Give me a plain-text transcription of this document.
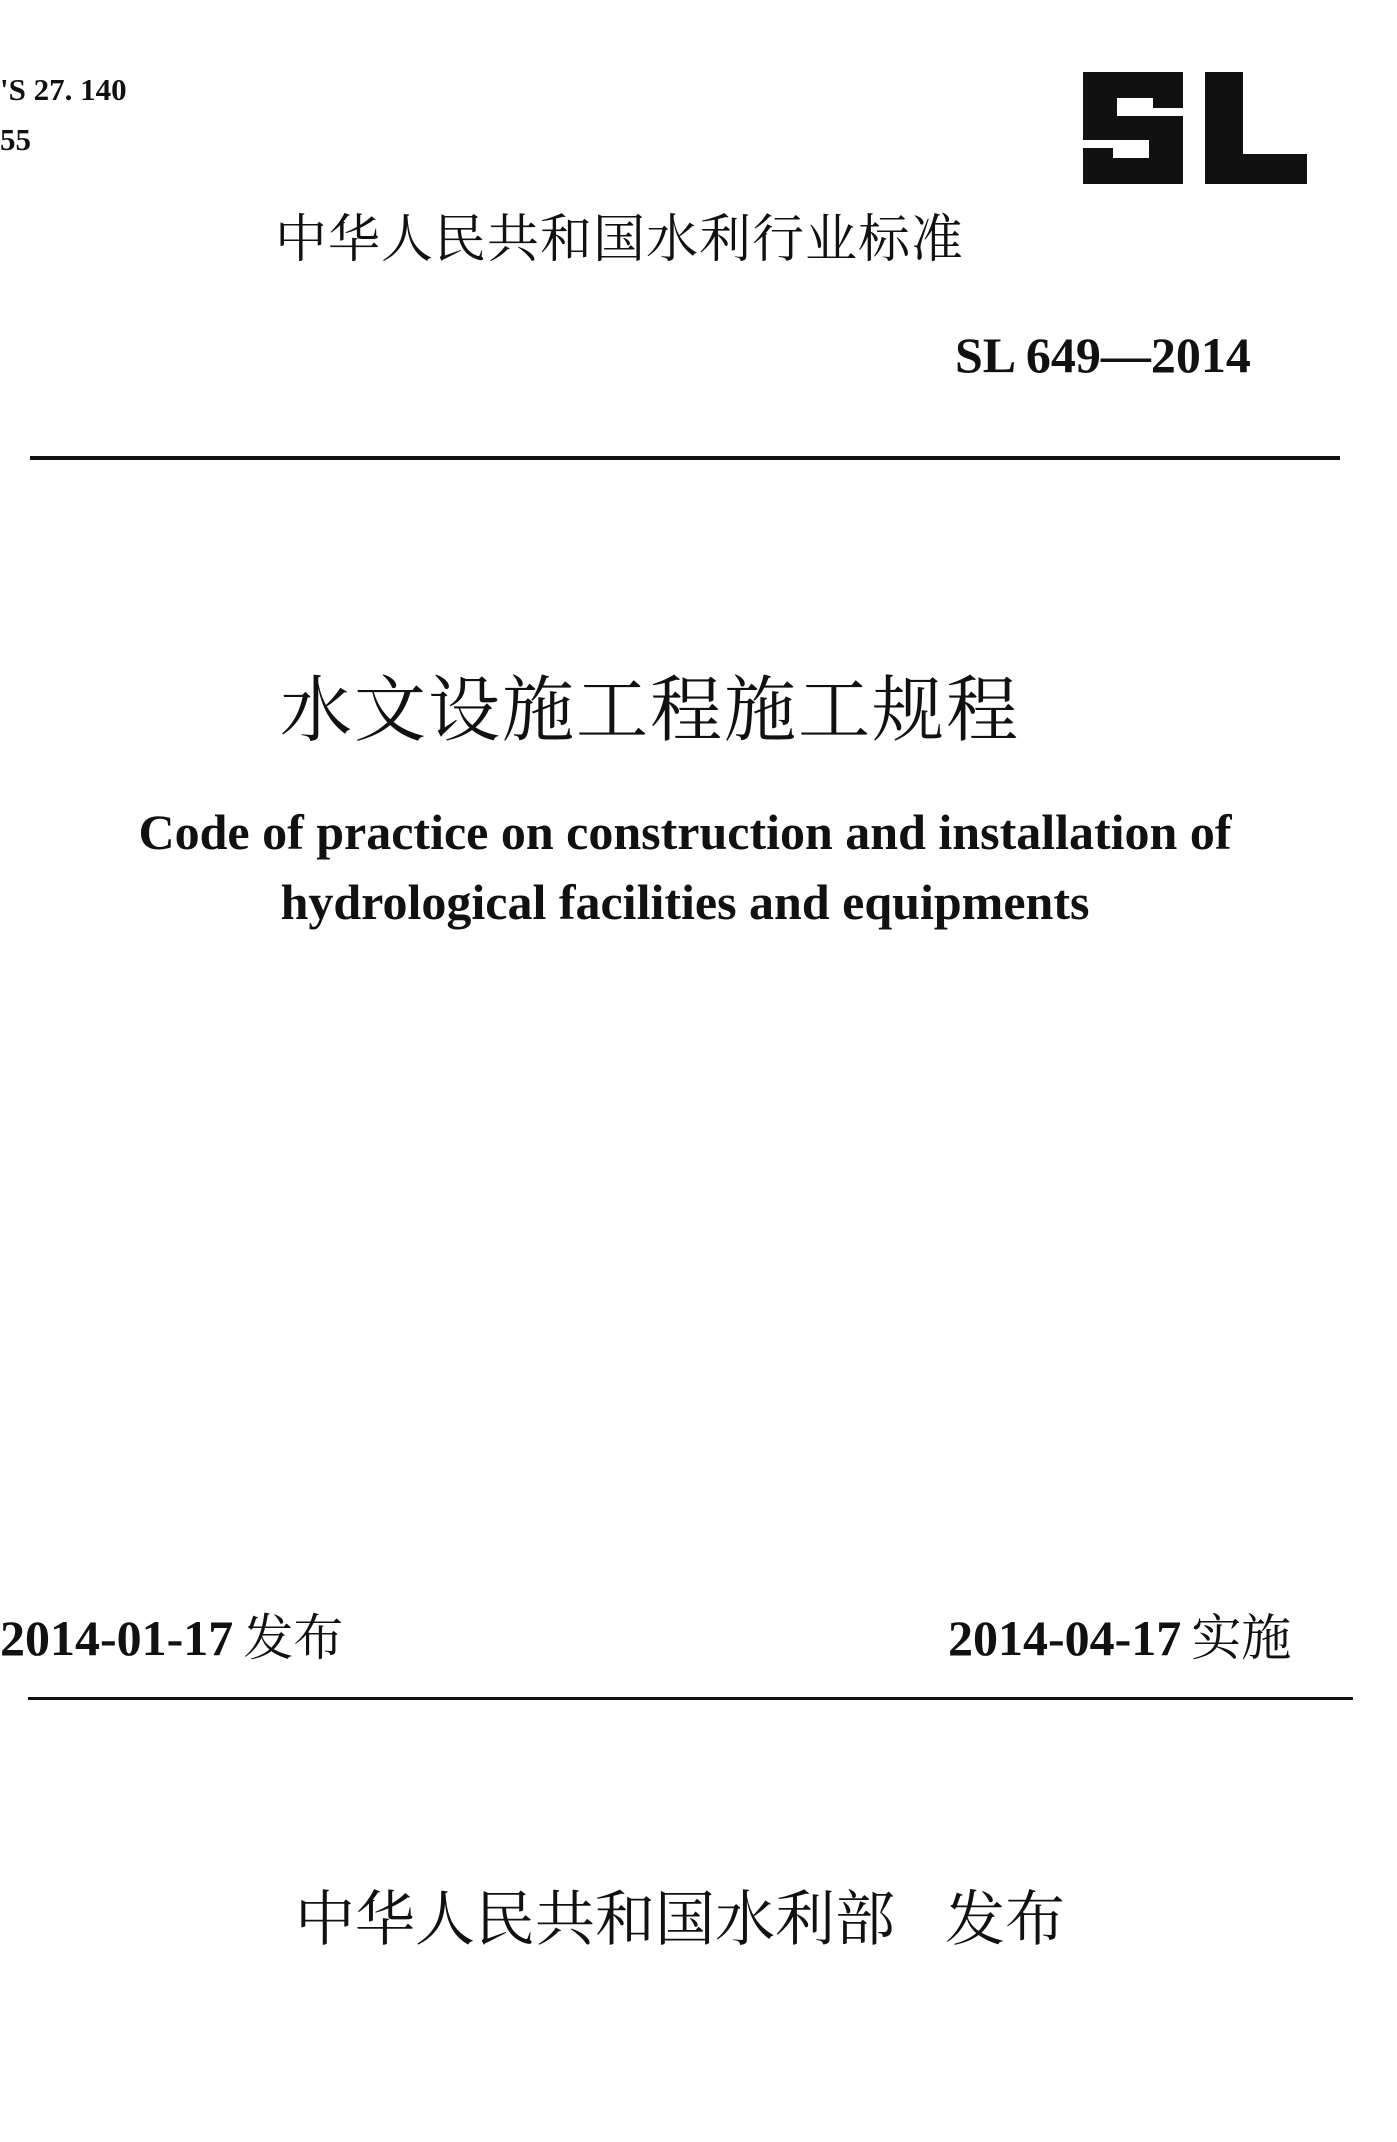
'S 27. 140
55
中华人民共和国水利行业标准
SL 649—2014
水文设施工程施工规程
Code of practice on construction and installation of
hydrological facilities and equipments
2014-01-17 发布	2014-04-17 实施
中华人民共和国水利部 发布
